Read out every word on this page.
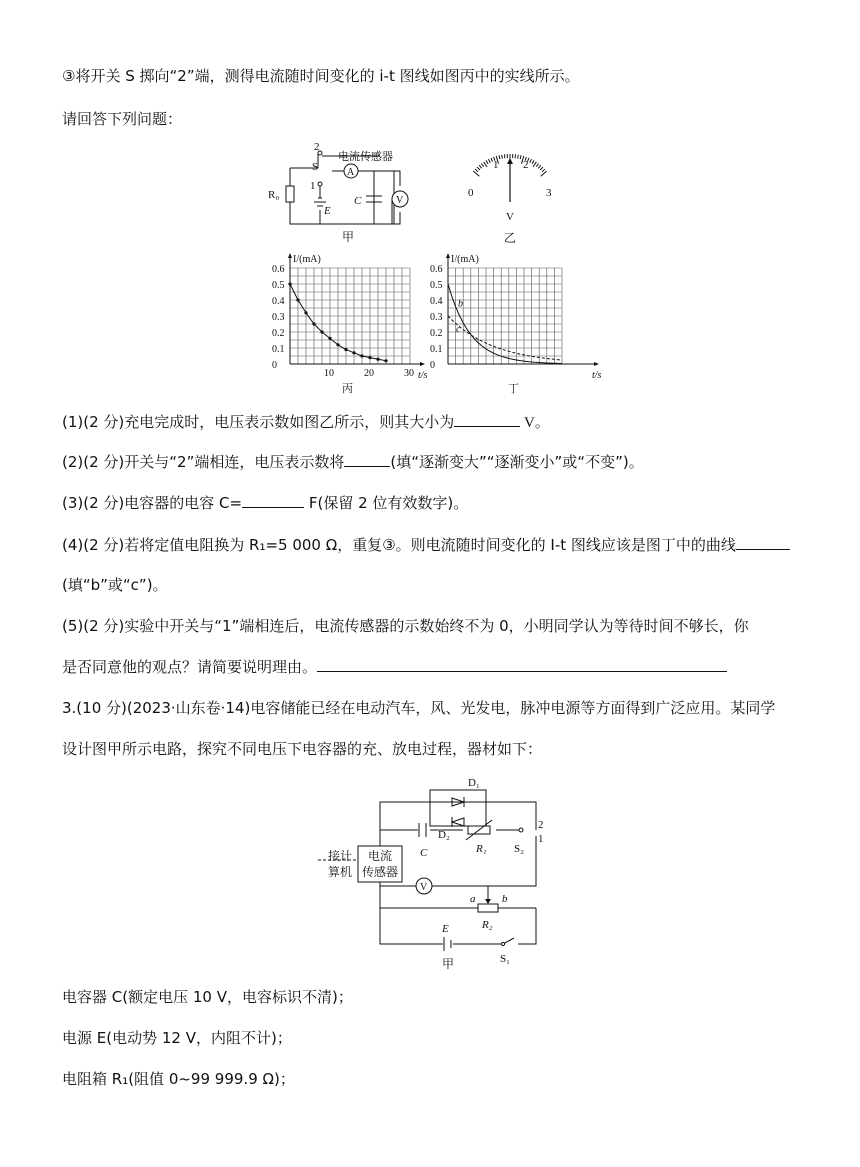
③将开关 S 掷向“2”端，测得电流随时间变化的 i-t 图线如图丙中的实线所示。
请回答下列问题：
R₀
2
1
S
E
A
电流传感器
C	V
甲
0
1 2
3
V
乙
I/(mA)
t/s
0.6
0.5
0.4
0.3
0.2
0.1
0
10	20	30
丙
I/(mA)
t/s
0.6
0.5
0.4
0.3
0.2
0.1
0
b
c
丁
(1)(2 分)充电完成时，电压表示数如图乙所示，则其大小为	V。
(2)(2 分)开关与“2”端相连，电压表示数将	(填“逐渐变大”“逐渐变小”或“不变”)。
(3)(2 分)电容器的电容 C=	F(保留 2 位有效数字)。
(4)(2 分)若将定值电阻换为 R₁=5 000 Ω，重复③。则电流随时间变化的 I-t 图线应该是图丁中的曲线
(填“b”或“c”)。
(5)(2 分)实验中开关与“1”端相连后，电流传感器的示数始终不为 0，小明同学认为等待时间不够长，你
是否同意他的观点？请简要说明理由。
3.(10 分)(2023·山东卷·14)电容储能已经在电动汽车，风、光发电，脉冲电源等方面得到广泛应用。某同学
设计图甲所示电路，探究不同电压下电容器的充、放电过程，器材如下：
D₁
D₂
C	R₁ S₂
2
1
接计
算机
电流
传感器
V
a b
R₂
E
S₁
甲
电容器 C(额定电压 10 V，电容标识不清)；
电源 E(电动势 12 V，内阻不计)；
电阻箱 R₁(阻值 0~99 999.9 Ω)；
